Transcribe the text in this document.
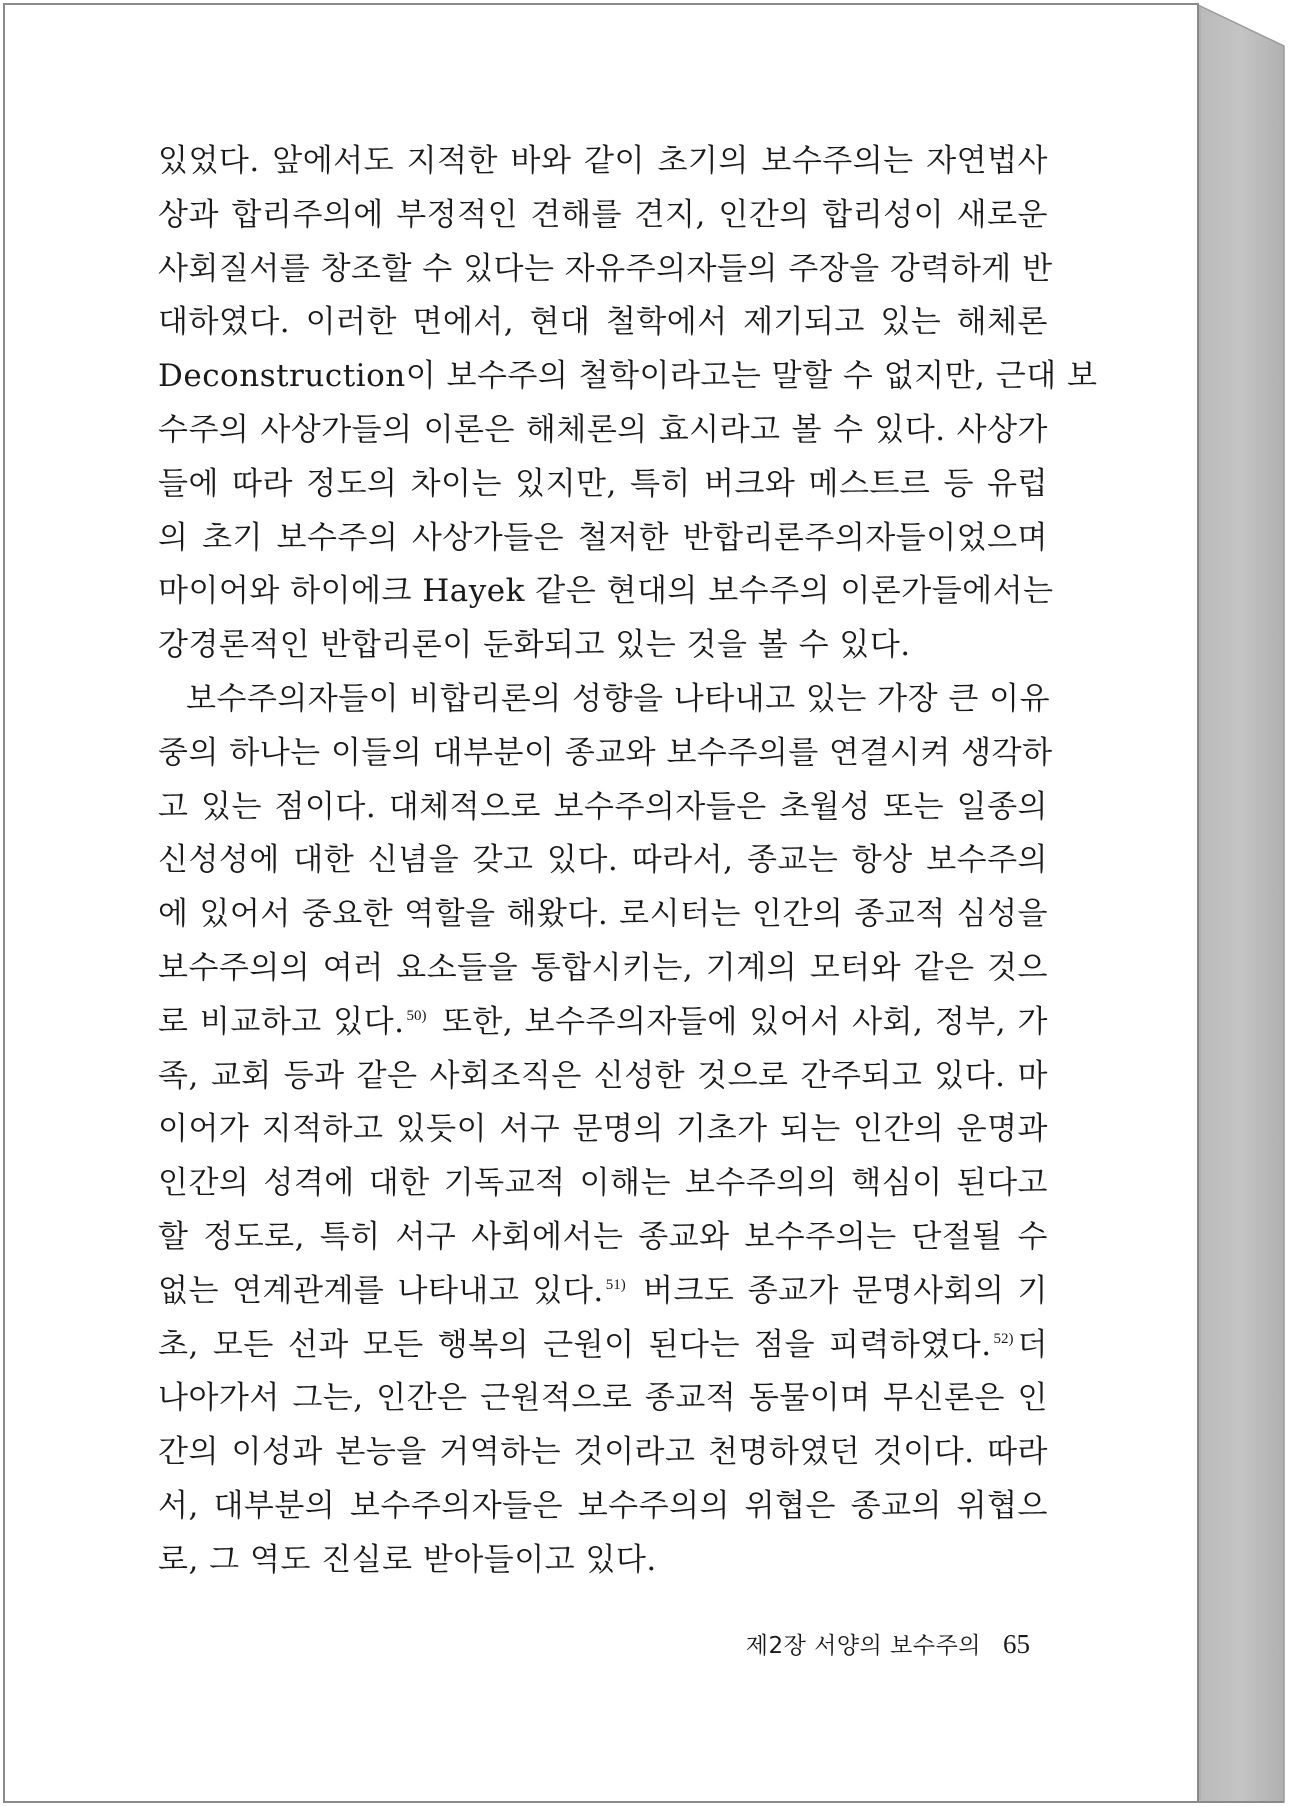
있었다. 앞에서도 지적한 바와 같이 초기의 보수주의는 자연법사
상과 합리주의에 부정적인 견해를 견지, 인간의 합리성이 새로운
사회질서를 창조할 수 있다는 자유주의자들의 주장을 강력하게 반
대하였다. 이러한 면에서, 현대 철학에서 제기되고 있는 해체론
Deconstruction이 보수주의 철학이라고는 말할 수 없지만, 근대 보
수주의 사상가들의 이론은 해체론의 효시라고 볼 수 있다. 사상가
들에 따라 정도의 차이는 있지만, 특히 버크와 메스트르 등 유럽
의 초기 보수주의 사상가들은 철저한 반합리론주의자들이었으며
마이어와 하이에크 Hayek 같은 현대의 보수주의 이론가들에서는
강경론적인 반합리론이 둔화되고 있는 것을 볼 수 있다.

보수주의자들이 비합리론의 성향을 나타내고 있는 가장 큰 이유
중의 하나는 이들의 대부분이 종교와 보수주의를 연결시켜 생각하
고 있는 점이다. 대체적으로 보수주의자들은 초월성 또는 일종의
신성성에 대한 신념을 갖고 있다. 따라서, 종교는 항상 보수주의
에 있어서 중요한 역할을 해왔다. 로시터는 인간의 종교적 심성을
보수주의의 여러 요소들을 통합시키는, 기계의 모터와 같은 것으
로 비교하고 있다. $^{50)}$ 또한, 보수주의자들에 있어서 사회, 정부, 가
족, 교회 등과 같은 사회조직은 신성한 것으로 간주되고 있다. 마
이어가 지적하고 있듯이 서구 문명의 기초가 되는 인간의 운명과
인간의 성격에 대한 기독교적 이해는 보수주의의 핵심이 된다고
할 정도로, 특히 서구 사회에서는 종교와 보수주의는 단절될 수
없는 연계관계를 나타내고 있다. $^{51)}$ 버크도 종교가 문명사회의 기
초, 모든 선과 모든 행복의 근원이 된다는 점을 피력하였다. $^{52)}$ 더
나아가서 그는, 인간은 근원적으로 종교적 동물이며 무신론은 인
간의 이성과 본능을 거역하는 것이라고 천명하였던 것이다. 따라
서, 대부분의 보수주의자들은 보수주의의 위협은 종교의 위협으
로, 그 역도 진실로 받아들이고 있다.

제2장 서양의 보수주의 65
